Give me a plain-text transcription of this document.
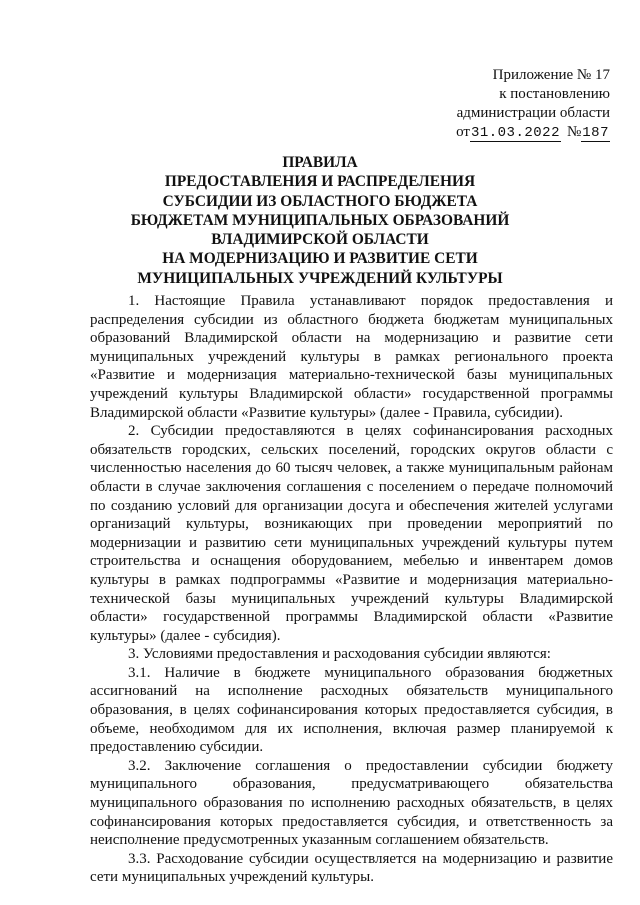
Приложение № 17
к постановлению
администрации области
от31.03.2022 №187
ПРАВИЛА
ПРЕДОСТАВЛЕНИЯ И РАСПРЕДЕЛЕНИЯ
СУБСИДИИ ИЗ ОБЛАСТНОГО БЮДЖЕТА
БЮДЖЕТАМ МУНИЦИПАЛЬНЫХ ОБРАЗОВАНИЙ
ВЛАДИМИРСКОЙ ОБЛАСТИ
НА МОДЕРНИЗАЦИЮ И РАЗВИТИЕ СЕТИ
МУНИЦИПАЛЬНЫХ УЧРЕЖДЕНИЙ КУЛЬТУРЫ

1. Настоящие Правила устанавливают порядок предоставления и распределения субсидии из областного бюджета бюджетам муниципальных образований Владимирской области на модернизацию и развитие сети муниципальных учреждений культуры в рамках регионального проекта «Развитие и модернизация материально-технической базы муниципальных учреждений культуры Владимирской области» государственной программы Владимирской области «Развитие культуры» (далее - Правила, субсидии).

2. Субсидии предоставляются в целях софинансирования расходных обязательств городских, сельских поселений, городских округов области с численностью населения до 60 тысяч человек, а также муниципальным районам области в случае заключения соглашения с поселением о передаче полномочий по созданию условий для организации досуга и обеспечения жителей услугами организаций культуры, возникающих при проведении мероприятий по модернизации и развитию сети муниципальных учреждений культуры путем строительства и оснащения оборудованием, мебелью и инвентарем домов культуры в рамках подпрограммы «Развитие и модернизация материально-технической базы муниципальных учреждений культуры Владимирской области» государственной программы Владимирской области «Развитие культуры» (далее - субсидия).

3. Условиями предоставления и расходования субсидии являются:

3.1. Наличие в бюджете муниципального образования бюджетных ассигнований на исполнение расходных обязательств муниципального образования, в целях софинансирования которых предоставляется субсидия, в объеме, необходимом для их исполнения, включая размер планируемой к предоставлению субсидии.

3.2. Заключение соглашения о предоставлении субсидии бюджету муниципального образования, предусматривающего обязательства муниципального образования по исполнению расходных обязательств, в целях софинансирования которых предоставляется субсидия, и ответственность за неисполнение предусмотренных указанным соглашением обязательств.

3.3. Расходование субсидии осуществляется на модернизацию и развитие сети муниципальных учреждений культуры.
